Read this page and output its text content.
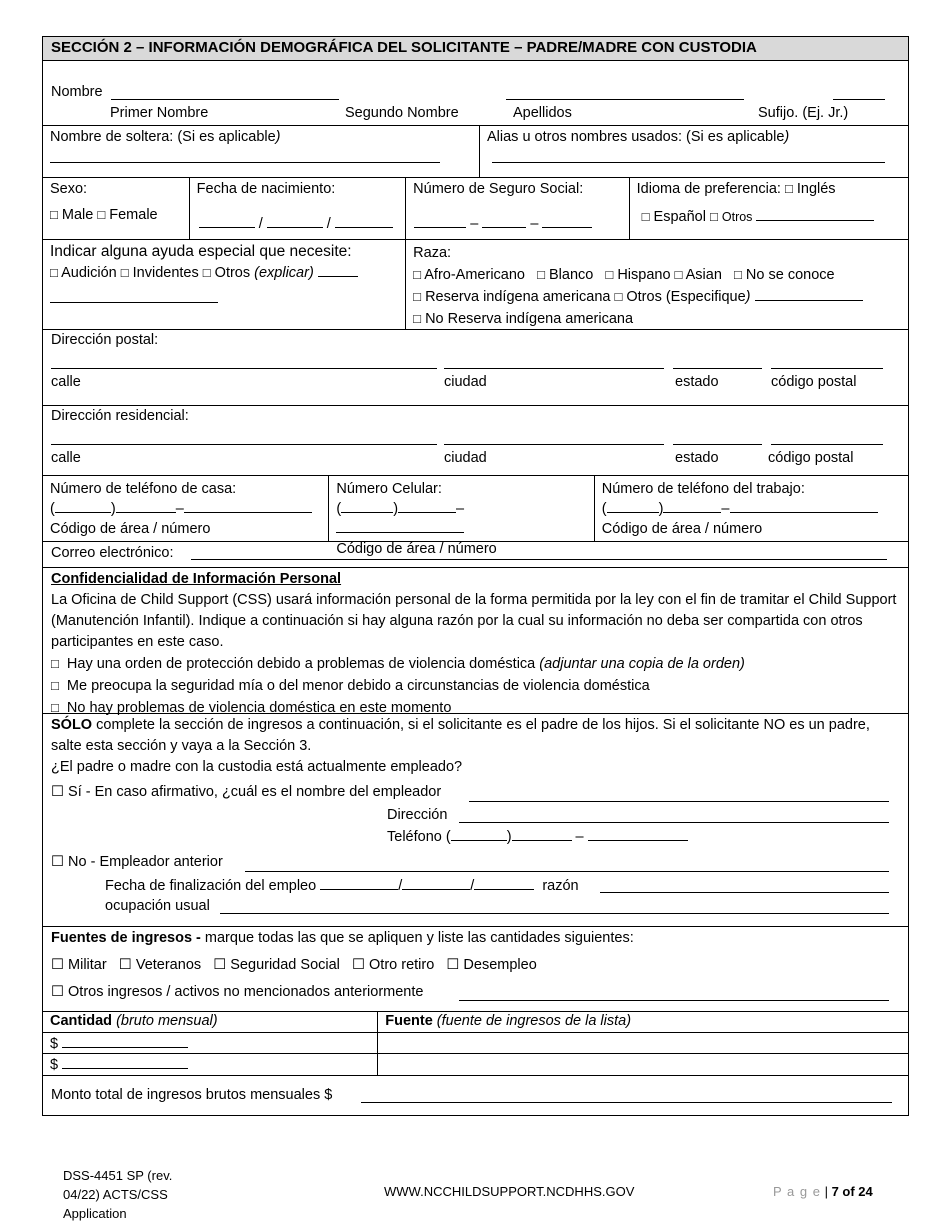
SECCIÓN 2 – INFORMACIÓN DEMOGRÁFICA DEL SOLICITANTE – PADRE/MADRE CON CUSTODIA
Nombre
Primer Nombre	Segundo Nombre	Apellidos	Sufijo. (Ej. Jr.)
Nombre de soltera: (Si es aplicable)	Alias u otros nombres usados: (Si es aplicable)
Sexo:
□ Male □ Female
Fecha de nacimiento:
/	/
Número de Seguro Social:
–	–
Idioma de preferencia: □ Inglés
□ Español □ Otros
Indicar alguna ayuda especial que necesite:
□ Audición □ Invidentes □ Otros (explicar)
Raza:
□ Afro-Americano □ Blanco □ Hispano □ Asian □ No se conoce
□ Reserva indígena americana □ Otros (Especifique)
□ No Reserva indígena americana
Dirección postal:
calle	ciudad	estado	código postal
Dirección residencial:
calle	ciudad	estado	código postal
Número de teléfono de casa:
(	)	–
Código de área / número
Número Celular:
(	)	–
Código de área / número
Número de teléfono del trabajo:
(	)	–
Código de área / número
Correo electrónico:
Confidencialidad de Información Personal
La Oficina de Child Support (CSS) usará información personal de la forma permitida por la ley con el fin de tramitar el Child Support (Manutención Infantil). Indique a continuación si hay alguna razón por la cual su información no deba ser compartida con otros participantes en este caso.
□ Hay una orden de protección debido a problemas de violencia doméstica (adjuntar una copia de la orden)
□ Me preocupa la seguridad mía o del menor debido a circunstancias de violencia doméstica
□ No hay problemas de violencia doméstica en este momento
SÓLO complete la sección de ingresos a continuación, si el solicitante es el padre de los hijos. Si el solicitante NO es un padre, salte esta sección y vaya a la Sección 3.
¿El padre o madre con la custodia está actualmente empleado?
☐ Sí - En caso afirmativo, ¿cuál es el nombre del empleador
Dirección
Teléfono (	)	–
☐ No - Empleador anterior
Fecha de finalización del empleo	/	/	razón
ocupación usual
Fuentes de ingresos - marque todas las que se apliquen y liste las cantidades siguientes:
☐ Militar ☐ Veteranos ☐ Seguridad Social ☐ Otro retiro ☐ Desempleo
☐ Otros ingresos / activos no mencionados anteriormente
Cantidad (bruto mensual)	Fuente (fuente de ingresos de la lista)
$
$
Monto total de ingresos brutos mensuales $
DSS-4451 SP (rev.
04/22) ACTS/CSS
Application
WWW.NCCHILDSUPPORT.NCDHHS.GOV	P a g e | 7 of 24
